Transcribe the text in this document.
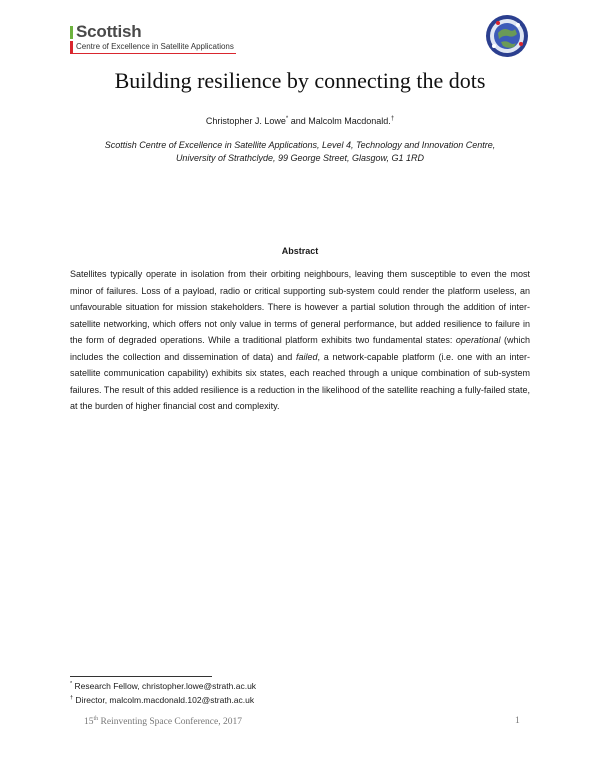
Scottish
Centre of Excellence in Satellite Applications
Building resilience by connecting the dots
Christopher J. Lowe* and Malcolm Macdonald.†
Scottish Centre of Excellence in Satellite Applications, Level 4, Technology and Innovation Centre,
University of Strathclyde, 99 George Street, Glasgow, G1 1RD
Abstract
Satellites typically operate in isolation from their orbiting neighbours, leaving them susceptible to even the most minor of failures. Loss of a payload, radio or critical supporting sub-system could render the platform useless, an unfavourable situation for mission stakeholders. There is however a partial solution through the addition of inter-satellite networking, which offers not only value in terms of general performance, but added resilience to failure in the form of degraded operations. While a traditional platform exhibits two fundamental states: operational (which includes the collection and dissemination of data) and failed, a network-capable platform (i.e. one with an inter-satellite communication capability) exhibits six states, each reached through a unique combination of sub-system failures. The result of this added resilience is a reduction in the likelihood of the satellite reaching a fully-failed state, at the burden of higher financial cost and complexity.
* Research Fellow, christopher.lowe@strath.ac.uk
† Director, malcolm.macdonald.102@strath.ac.uk
15th Reinventing Space Conference, 2017	1
